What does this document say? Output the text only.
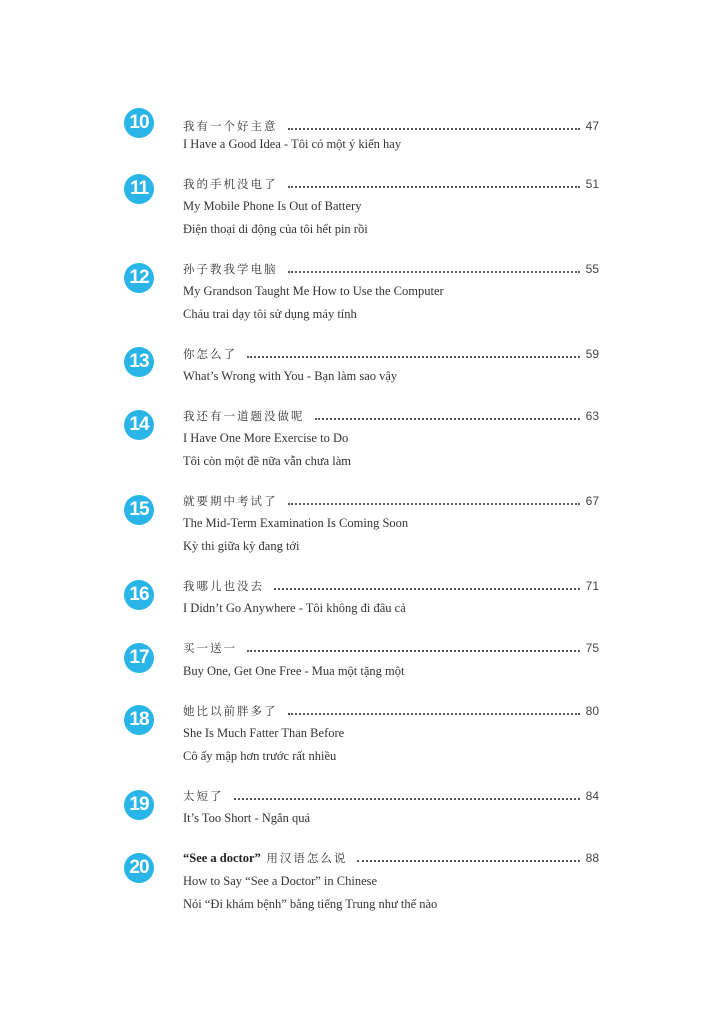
10	我有一个好主意	47
I Have a Good Idea - Tôi có một ý kiến hay
11	我的手机没电了	51
My Mobile Phone Is Out of Battery
Điện thoại di động của tôi hết pin rồi
12	孙子教我学电脑	55
My Grandson Taught Me How to Use the Computer
Cháu trai dạy tôi sử dụng máy tính
13	你怎么了	59
What’s Wrong with You - Bạn làm sao vậy
14	我还有一道题没做呢	63
I Have One More Exercise to Do
Tôi còn một đề nữa vẫn chưa làm
15	就要期中考试了	67
The Mid-Term Examination Is Coming Soon
Kỳ thi giữa kỳ đang tới
16	我哪儿也没去	71
I Didn’t Go Anywhere - Tôi không đi đâu cả
17	买一送一	75
Buy One, Get One Free - Mua một tặng một
18	她比以前胖多了	80
She Is Much Fatter Than Before
Cô ấy mập hơn trước rất nhiều
19	太短了	84
It’s Too Short - Ngắn quá
20	“See a doctor” 用汉语怎么说	88
How to Say “See a Doctor” in Chinese
Nói “Đi khám bệnh” bằng tiếng Trung như thế nào
